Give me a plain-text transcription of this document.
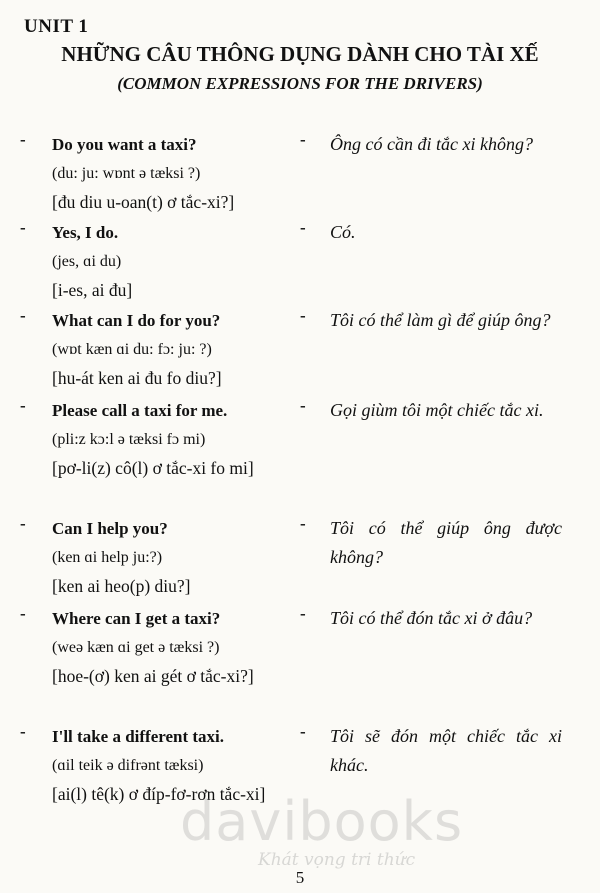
UNIT 1
NHỮNG CÂU THÔNG DỤNG DÀNH CHO TÀI XẾ
(COMMON EXPRESSIONS FOR THE DRIVERS)
- Do you want a taxi?
(du: ju: wɒnt ə tæksi ?)
[đu diu u-oan(t) ơ tắc-xi?]
- Ông có cần đi tắc xi không?
- Yes, I do.
(jes, ɑi du)
[i-es, ai đu]
- Có.
- What can I do for you?
(wɒt kæn ɑi du: fɔ: ju: ?)
[hu-át ken ai đu fo diu?]
- Tôi có thể làm gì để giúp ông?
- Please call a taxi for me.
(pli:z kɔ:l ə tæksi fɔ mi)
[pơ-li(z) cô(l) ơ tắc-xi fo mi]
- Gọi giùm tôi một chiếc tắc xi.
- Can I help you?
(ken ɑi help ju:?)
[ken ai heo(p) diu?]
- Tôi có thể giúp ông được không?
- Where can I get a taxi?
(weə kæn ɑi get ə tæksi ?)
[hoe-(ơ) ken ai gét ơ tắc-xi?]
- Tôi có thể đón tắc xi ở đâu?
- I'll take a different taxi.
(ɑil teik ə difrənt tæksi)
[ai(l) tê(k) ơ đíp-fơ-rơn tắc-xi]
- Tôi sẽ đón một chiếc tắc xi khác.
davibooks
Khát vọng tri thức
5
